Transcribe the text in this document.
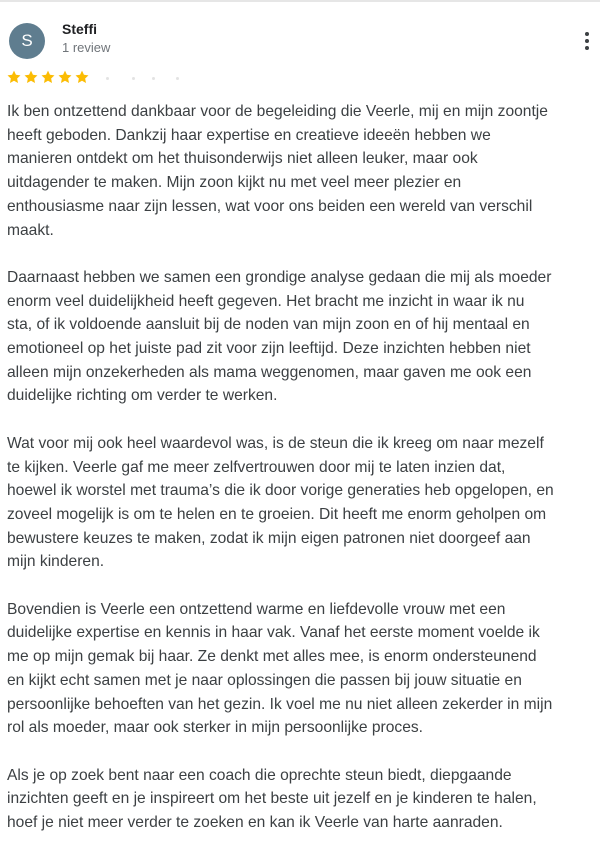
S
Steffi
1 review

Ik ben ontzettend dankbaar voor de begeleiding die Veerle, mij en mijn zoontje
heeft geboden. Dankzij haar expertise en creatieve ideeën hebben we
manieren ontdekt om het thuisonderwijs niet alleen leuker, maar ook
uitdagender te maken. Mijn zoon kijkt nu met veel meer plezier en
enthousiasme naar zijn lessen, wat voor ons beiden een wereld van verschil
maakt.

Daarnaast hebben we samen een grondige analyse gedaan die mij als moeder
enorm veel duidelijkheid heeft gegeven. Het bracht me inzicht in waar ik nu
sta, of ik voldoende aansluit bij de noden van mijn zoon en of hij mentaal en
emotioneel op het juiste pad zit voor zijn leeftijd. Deze inzichten hebben niet
alleen mijn onzekerheden als mama weggenomen, maar gaven me ook een
duidelijke richting om verder te werken.

Wat voor mij ook heel waardevol was, is de steun die ik kreeg om naar mezelf
te kijken. Veerle gaf me meer zelfvertrouwen door mij te laten inzien dat,
hoewel ik worstel met trauma’s die ik door vorige generaties heb opgelopen, en
zoveel mogelijk is om te helen en te groeien. Dit heeft me enorm geholpen om
bewustere keuzes te maken, zodat ik mijn eigen patronen niet doorgeef aan
mijn kinderen.

Bovendien is Veerle een ontzettend warme en liefdevolle vrouw met een
duidelijke expertise en kennis in haar vak. Vanaf het eerste moment voelde ik
me op mijn gemak bij haar. Ze denkt met alles mee, is enorm ondersteunend
en kijkt echt samen met je naar oplossingen die passen bij jouw situatie en
persoonlijke behoeften van het gezin. Ik voel me nu niet alleen zekerder in mijn
rol als moeder, maar ook sterker in mijn persoonlijke proces.

Als je op zoek bent naar een coach die oprechte steun biedt, diepgaande
inzichten geeft en je inspireert om het beste uit jezelf en je kinderen te halen,
hoef je niet meer verder te zoeken en kan ik Veerle van harte aanraden.
